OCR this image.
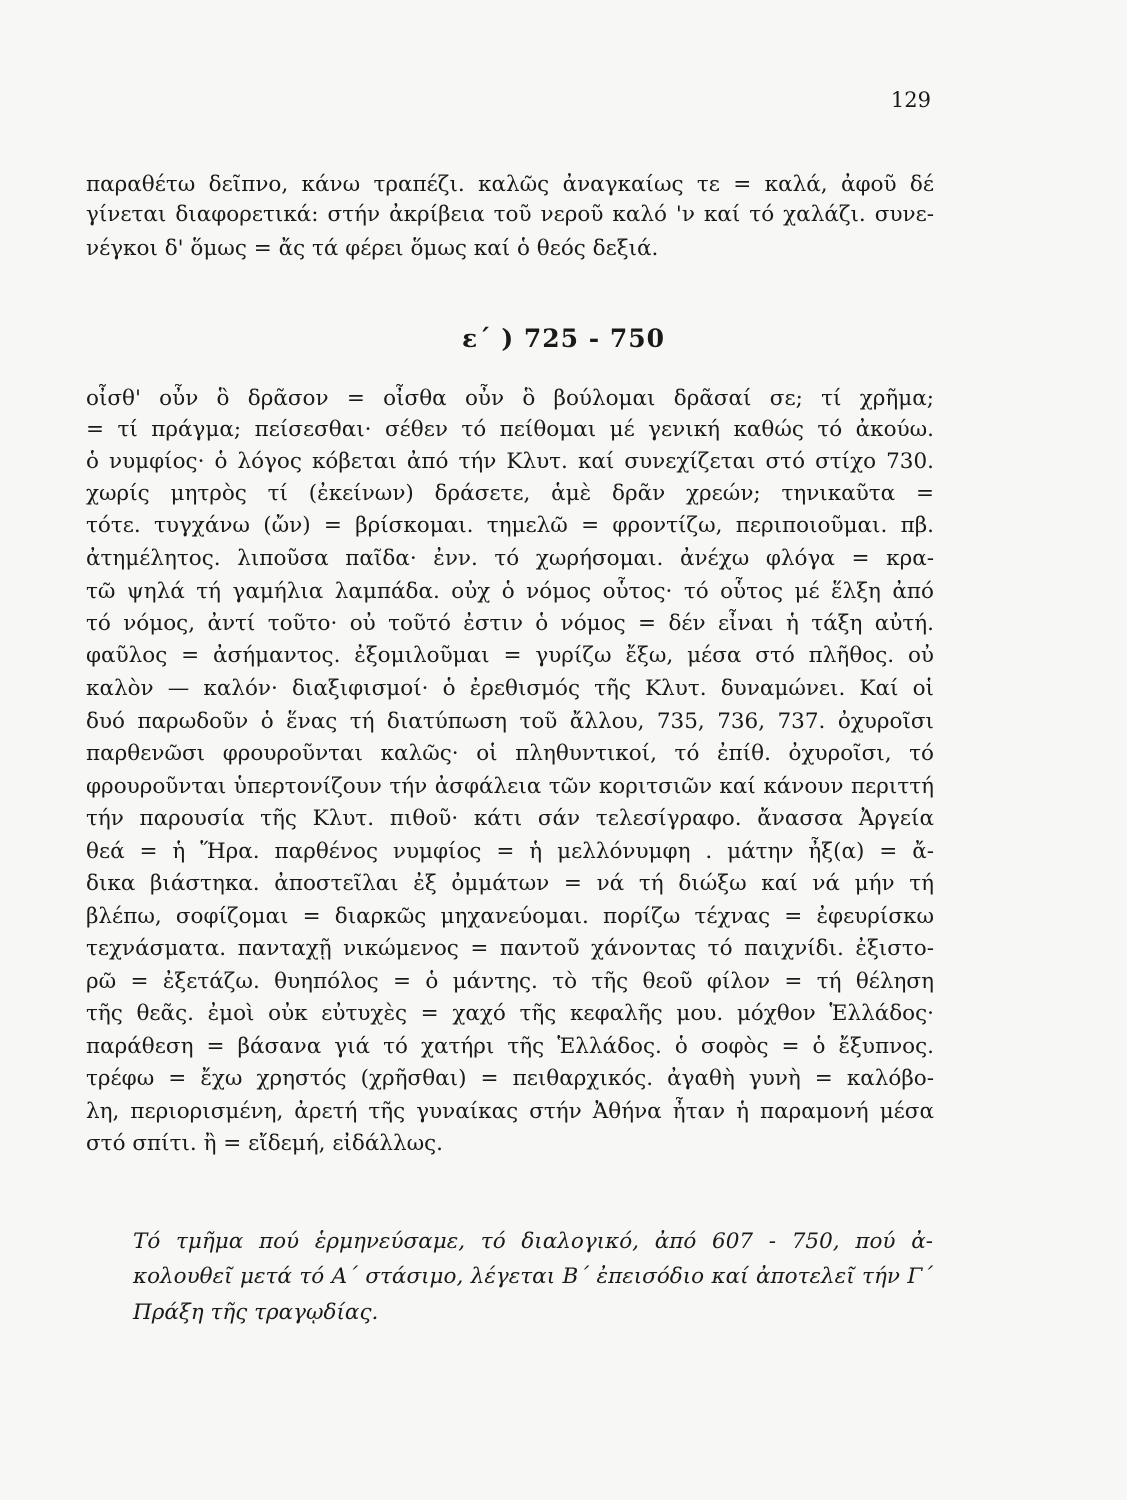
129
παραθέτω δεῖπνο, κάνω τραπέζι. καλῶς ἀναγκαίως τε = καλά, ἀφοῦ δέ
γίνεται διαφορετικά: στήν ἀκρίβεια τοῦ νεροῦ καλό 'ν καί τό χαλάζι. συνε-
νέγκοι δ' ὅμως = ἄς τά φέρει ὅμως καί ὁ θεός δεξιά.
ε΄ ) 725 - 750
οἶσθ' οὖν ὃ δρᾶσον = οἶσθα οὖν ὃ βούλομαι δρᾶσαί σε; τί χρῆμα;
= τί πράγμα; πείσεσθαι· σέθεν τό πείθομαι μέ γενική καθώς τό ἀκούω.
ὁ νυμφίος· ὁ λόγος κόβεται ἀπό τήν Κλυτ. καί συνεχίζεται στό στίχο 730.
χωρίς μητρὸς τί (ἐκείνων) δράσετε, ἁμὲ δρᾶν χρεών; τηνικαῦτα =
τότε. τυγχάνω (ὤν) = βρίσκομαι. τημελῶ = φροντίζω, περιποιοῦμαι. πβ.
ἀτημέλητος. λιποῦσα παῖδα· ἐνν. τό χωρήσομαι. ἀνέχω φλόγα = κρα-
τῶ ψηλά τή γαμήλια λαμπάδα. οὐχ ὁ νόμος οὗτος· τό οὗτος μέ ἕλξη ἀπό
τό νόμος, ἀντί τοῦτο· οὐ τοῦτό ἐστιν ὁ νόμος = δέν εἶναι ἡ τάξη αὐτή.
φαῦλος = ἀσήμαντος. ἐξομιλοῦμαι = γυρίζω ἔξω, μέσα στό πλῆθος. οὐ
καλὸν — καλόν· διαξιφισμοί· ὁ ἐρεθισμός τῆς Κλυτ. δυναμώνει. Καί οἱ
δυό παρωδοῦν ὁ ἕνας τή διατύπωση τοῦ ἄλλου, 735, 736, 737. ὀχυροῖσι
παρθενῶσι φρουροῦνται καλῶς· οἱ πληθυντικοί, τό ἐπίθ. ὀχυροῖσι, τό
φρουροῦνται ὑπερτονίζουν τήν ἀσφάλεια τῶν κοριτσιῶν καί κάνουν περιττή
τήν παρουσία τῆς Κλυτ. πιθοῦ· κάτι σάν τελεσίγραφο. ἄνασσα Ἀργεία
θεά = ἡ Ἥρα. παρθένος νυμφίος = ἡ μελλόνυμφη . μάτην ἦξ(α) = ἄ-
δικα βιάστηκα. ἀποστεῖλαι ἐξ ὀμμάτων = νά τή διώξω καί νά μήν τή
βλέπω, σοφίζομαι = διαρκῶς μηχανεύομαι. πορίζω τέχνας = ἐφευρίσκω
τεχνάσματα. πανταχῇ νικώμενος = παντοῦ χάνοντας τό παιχνίδι. ἐξιστο-
ρῶ = ἐξετάζω. θυηπόλος = ὁ μάντης. τὸ τῆς θεοῦ φίλον = τή θέληση
τῆς θεᾶς. ἐμοὶ οὐκ εὐτυχὲς = χαχό τῆς κεφαλῆς μου. μόχθον Ἑλλάδος·
παράθεση = βάσανα γιά τό χατήρι τῆς Ἑλλάδος. ὁ σοφὸς = ὁ ἔξυπνος.
τρέφω = ἔχω χρηστός (χρῆσθαι) = πειθαρχικός. ἀγαθὴ γυνὴ = καλόβο-
λη, περιορισμένη, ἀρετή τῆς γυναίκας στήν Ἀθήνα ἦταν ἡ παραμονή μέσα
στό σπίτι. ἢ = εἴδεμή, εἰδάλλως.
Τό τμῆμα πού ἑρμηνεύσαμε, τό διαλογικό, ἀπό 607 - 750, πού ἀ-
κολουθεῖ μετά τό Α΄ στάσιμο, λέγεται Β΄ ἐπεισόδιο καί ἀποτελεῖ τήν Γ΄
Πράξη τῆς τραγῳδίας.
